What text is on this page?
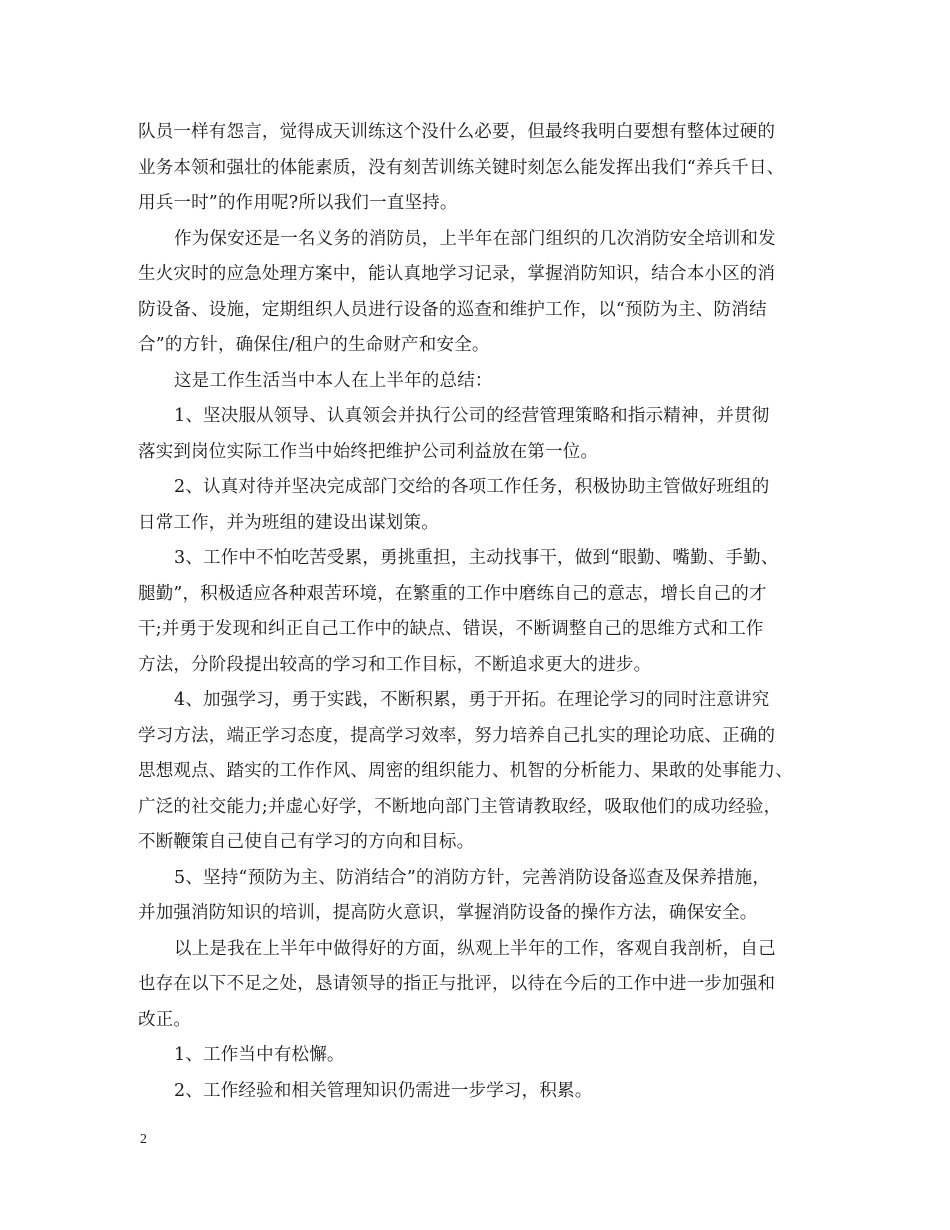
队员一样有怨言，觉得成天训练这个没什么必要，但最终我明白要想有整体过硬的
业务本领和强壮的体能素质，没有刻苦训练关键时刻怎么能发挥出我们“养兵千日、
用兵一时”的作用呢?所以我们一直坚持。
作为保安还是一名义务的消防员，上半年在部门组织的几次消防安全培训和发
生火灾时的应急处理方案中，能认真地学习记录，掌握消防知识，结合本小区的消
防设备、设施，定期组织人员进行设备的巡查和维护工作，以“预防为主、防消结
合”的方针，确保住/租户的生命财产和安全。
这是工作生活当中本人在上半年的总结：
1、坚决服从领导、认真领会并执行公司的经营管理策略和指示精神，并贯彻
落实到岗位实际工作当中始终把维护公司利益放在第一位。
2、认真对待并坚决完成部门交给的各项工作任务，积极协助主管做好班组的
日常工作，并为班组的建设出谋划策。
3、工作中不怕吃苦受累，勇挑重担，主动找事干，做到“眼勤、嘴勤、手勤、
腿勤”，积极适应各种艰苦环境，在繁重的工作中磨练自己的意志，增长自己的才
干;并勇于发现和纠正自己工作中的缺点、错误，不断调整自己的思维方式和工作
方法，分阶段提出较高的学习和工作目标，不断追求更大的进步。
4、加强学习，勇于实践，不断积累，勇于开拓。在理论学习的同时注意讲究
学习方法，端正学习态度，提高学习效率，努力培养自己扎实的理论功底、正确的
思想观点、踏实的工作作风、周密的组织能力、机智的分析能力、果敢的处事能力、
广泛的社交能力;并虚心好学，不断地向部门主管请教取经，吸取他们的成功经验，
不断鞭策自己使自己有学习的方向和目标。
5、坚持“预防为主、防消结合”的消防方针，完善消防设备巡查及保养措施，
并加强消防知识的培训，提高防火意识，掌握消防设备的操作方法，确保安全。
以上是我在上半年中做得好的方面，纵观上半年的工作，客观自我剖析，自己
也存在以下不足之处，恳请领导的指正与批评，以待在今后的工作中进一步加强和
改正。
1、工作当中有松懈。
2、工作经验和相关管理知识仍需进一步学习，积累。
2
